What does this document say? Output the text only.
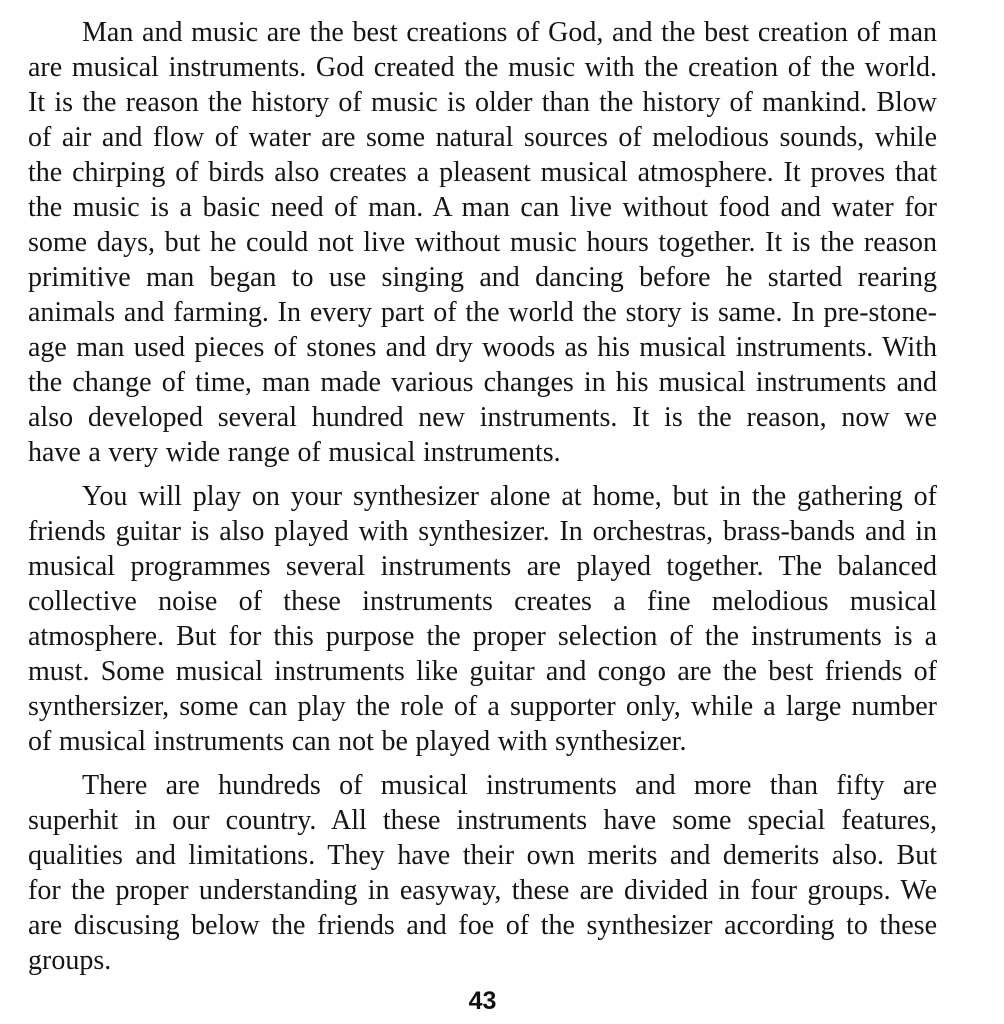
Man and music are the best creations of God, and the best creation of man
are musical instruments. God created the music with the creation of the world.
It is the reason the history of music is older than the history of mankind. Blow
of air and flow of water are some natural sources of melodious sounds, while
the chirping of birds also creates a pleasent musical atmosphere. It proves that
the music is a basic need of man. A man can live without food and water for
some days, but he could not live without music hours together. It is the reason
primitive man began to use singing and dancing before he started rearing
animals and farming. In every part of the world the story is same. In pre-stone-
age man used pieces of stones and dry woods as his musical instruments. With
the change of time, man made various changes in his musical instruments and
also developed several hundred new instruments. It is the reason, now we
have a very wide range of musical instruments.
You will play on your synthesizer alone at home, but in the gathering of
friends guitar is also played with synthesizer. In orchestras, brass-bands and in
musical programmes several instruments are played together. The balanced
collective noise of these instruments creates a fine melodious musical
atmosphere. But for this purpose the proper selection of the instruments is a
must. Some musical instruments like guitar and congo are the best friends of
synthersizer, some can play the role of a supporter only, while a large number
of musical instruments can not be played with synthesizer.
There are hundreds of musical instruments and more than fifty are
superhit in our country. All these instruments have some special features,
qualities and limitations. They have their own merits and demerits also. But
for the proper understanding in easyway, these are divided in four groups. We
are discusing below the friends and foe of the synthesizer according to these
groups.
43
